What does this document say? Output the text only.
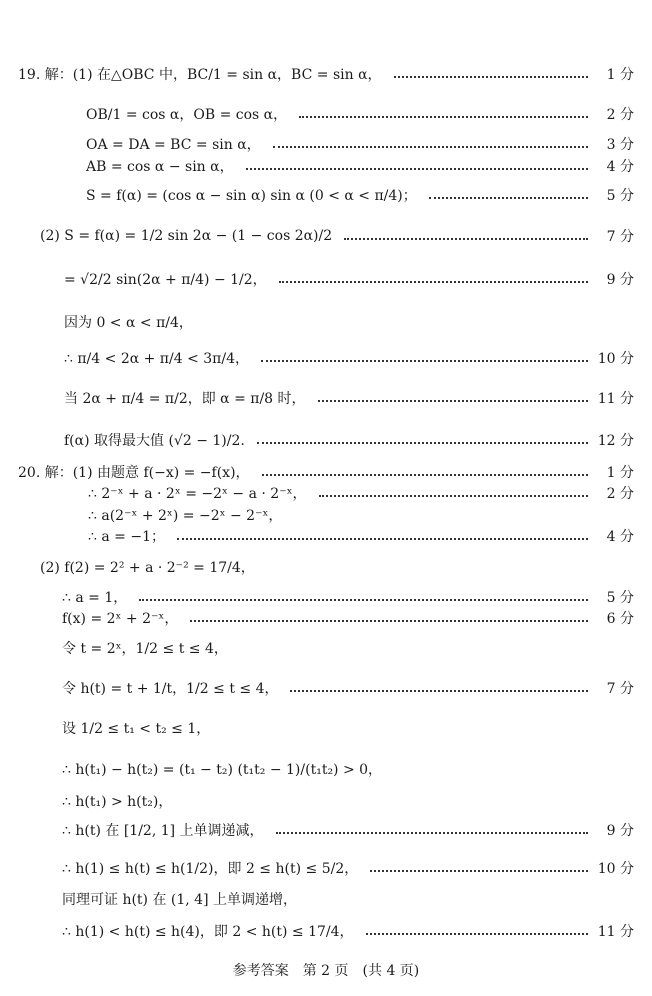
19. 解：(1) 在△OBC 中，BC/1 = sin α，BC = sin α，	1 分
OB/1 = cos α，OB = cos α，	2 分
OA = DA = BC = sin α，	3 分
AB = cos α − sin α，	4 分
S = f(α) = (cos α − sin α) sin α (0 < α < π/4)；	5 分
(2) S = f(α) = 1/2 sin 2α − (1 − cos 2α)/2	7 分
= √2/2 sin(2α + π/4) − 1/2，	9 分
因为 0 < α < π/4，
∴ π/4 < 2α + π/4 < 3π/4，	10 分
当 2α + π/4 = π/2，即 α = π/8 时，	11 分
f(α) 取得最大值 (√2 − 1)/2.	12 分
20. 解：(1) 由题意 f(−x) = −f(x)，	1 分
∴ 2⁻ˣ + a · 2ˣ = −2ˣ − a · 2⁻ˣ，	2 分
∴ a(2⁻ˣ + 2ˣ) = −2ˣ − 2⁻ˣ，
∴ a = −1；	4 分
(2) f(2) = 2² + a · 2⁻² = 17/4，
∴ a = 1，	5 分
f(x) = 2ˣ + 2⁻ˣ，	6 分
令 t = 2ˣ，1/2 ≤ t ≤ 4，
令 h(t) = t + 1/t，1/2 ≤ t ≤ 4，	7 分
设 1/2 ≤ t₁ < t₂ ≤ 1，
∴ h(t₁) − h(t₂) = (t₁ − t₂) (t₁t₂ − 1)/(t₁t₂) > 0，
∴ h(t₁) > h(t₂)，
∴ h(t) 在 [1/2, 1] 上单调递减，	9 分
∴ h(1) ≤ h(t) ≤ h(1/2)，即 2 ≤ h(t) ≤ 5/2，	10 分
同理可证 h(t) 在 (1, 4] 上单调递增，
∴ h(1) < h(t) ≤ h(4)，即 2 < h(t) ≤ 17/4，	11 分
参考答案　第 2 页　(共 4 页)
